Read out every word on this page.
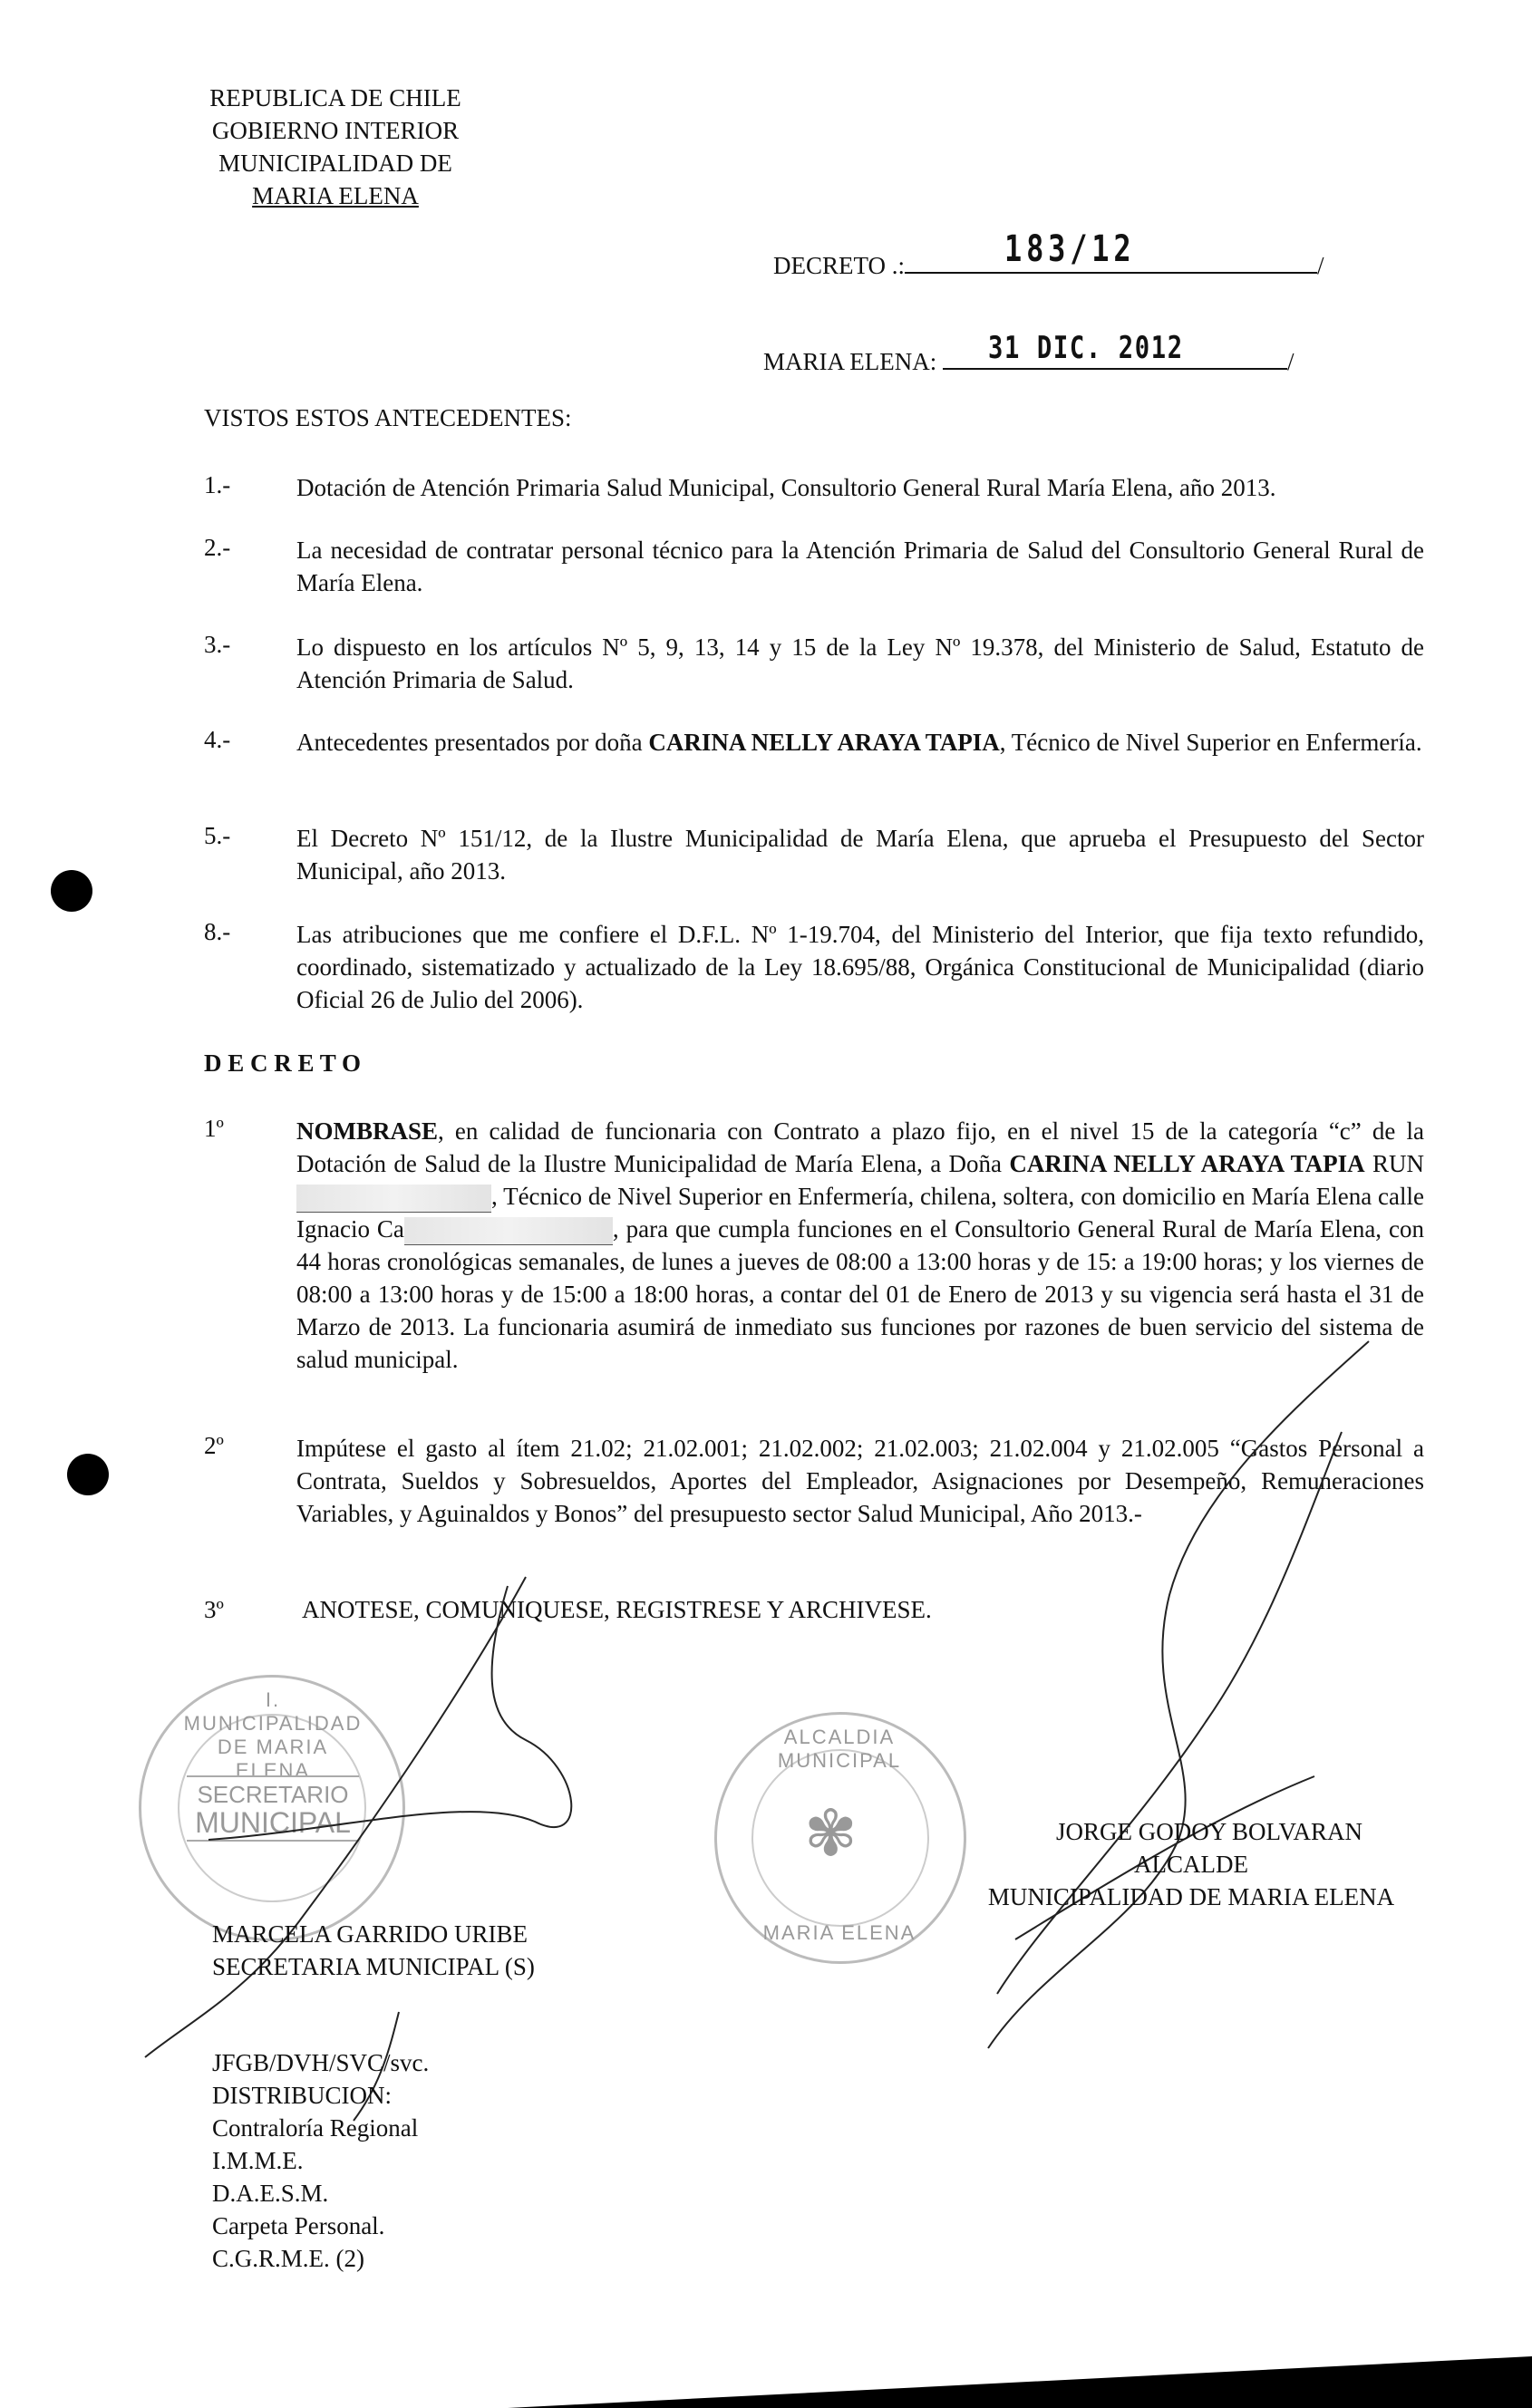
REPUBLICA DE CHILE
GOBIERNO INTERIOR
MUNICIPALIDAD DE
MARIA ELENA
DECRETO .:	183/12	/
MARIA ELENA: 31 DIC. 2012	/
VISTOS ESTOS ANTECEDENTES:
1.-	Dotación de Atención Primaria Salud Municipal, Consultorio General Rural María Elena, año 2013.
2.-	La necesidad de contratar personal técnico para la Atención Primaria de Salud del Consultorio General Rural de María Elena.
3.-	Lo dispuesto en los artículos Nº 5, 9, 13, 14 y 15 de la Ley Nº 19.378, del Ministerio de Salud, Estatuto de Atención Primaria de Salud.
4.-	Antecedentes presentados por doña CARINA NELLY ARAYA TAPIA, Técnico de Nivel Superior en Enfermería.
5.-	El Decreto Nº 151/12, de la Ilustre Municipalidad de María Elena, que aprueba el Presupuesto del Sector Municipal, año 2013.
8.-	Las atribuciones que me confiere el D.F.L. Nº 1-19.704, del Ministerio del Interior, que fija texto refundido, coordinado, sistematizado y actualizado de la Ley 18.695/88, Orgánica Constitucional de Municipalidad (diario Oficial 26 de Julio del 2006).
D E C R E T O
1º	NOMBRASE, en calidad de funcionaria con Contrato a plazo fijo, en el nivel 15 de la categoría “c” de la Dotación de Salud de la Ilustre Municipalidad de María Elena, a Doña CARINA NELLY ARAYA TAPIA RUN, Técnico de Nivel Superior en Enfermería, chilena, soltera, con domicilio en María Elena calle Ignacio Ca	, para que cumpla funciones en el Consultorio General Rural de María Elena, con 44 horas cronológicas semanales, de lunes a jueves de 08:00 a 13:00 horas y de 15: a 19:00 horas; y los viernes de 08:00 a 13:00 horas y de 15:00 a 18:00 horas, a contar del 01 de Enero de 2013 y su vigencia será hasta el 31 de Marzo de 2013. La funcionaria asumirá de inmediato sus funciones por razones de buen servicio del sistema de salud municipal.
2º	Impútese el gasto al ítem 21.02; 21.02.001; 21.02.002; 21.02.003; 21.02.004 y 21.02.005 “Gastos Personal a Contrata, Sueldos y Sobresueldos, Aportes del Empleador, Asignaciones por Desempeño, Remuneraciones Variables, y Aguinaldos y Bonos” del presupuesto sector Salud Municipal, Año 2013.-
3º	ANOTESE, COMUNIQUESE, REGISTRESE Y ARCHIVESE.
I. MUNICIPALIDAD DE MARIA ELENA
SECRETARIO
MUNICIPAL
ALCALDIA MUNICIPAL
✾
MARIA ELENA
JORGE GODOY BOLVARAN
ALCALDE
MUNICIPALIDAD DE MARIA ELENA
MARCELA GARRIDO URIBE
SECRETARIA MUNICIPAL (S)
JFGB/DVH/SVC/svc.
DISTRIBUCION:
Contraloría Regional
I.M.M.E.
D.A.E.S.M.
Carpeta Personal.
C.G.R.M.E. (2)
